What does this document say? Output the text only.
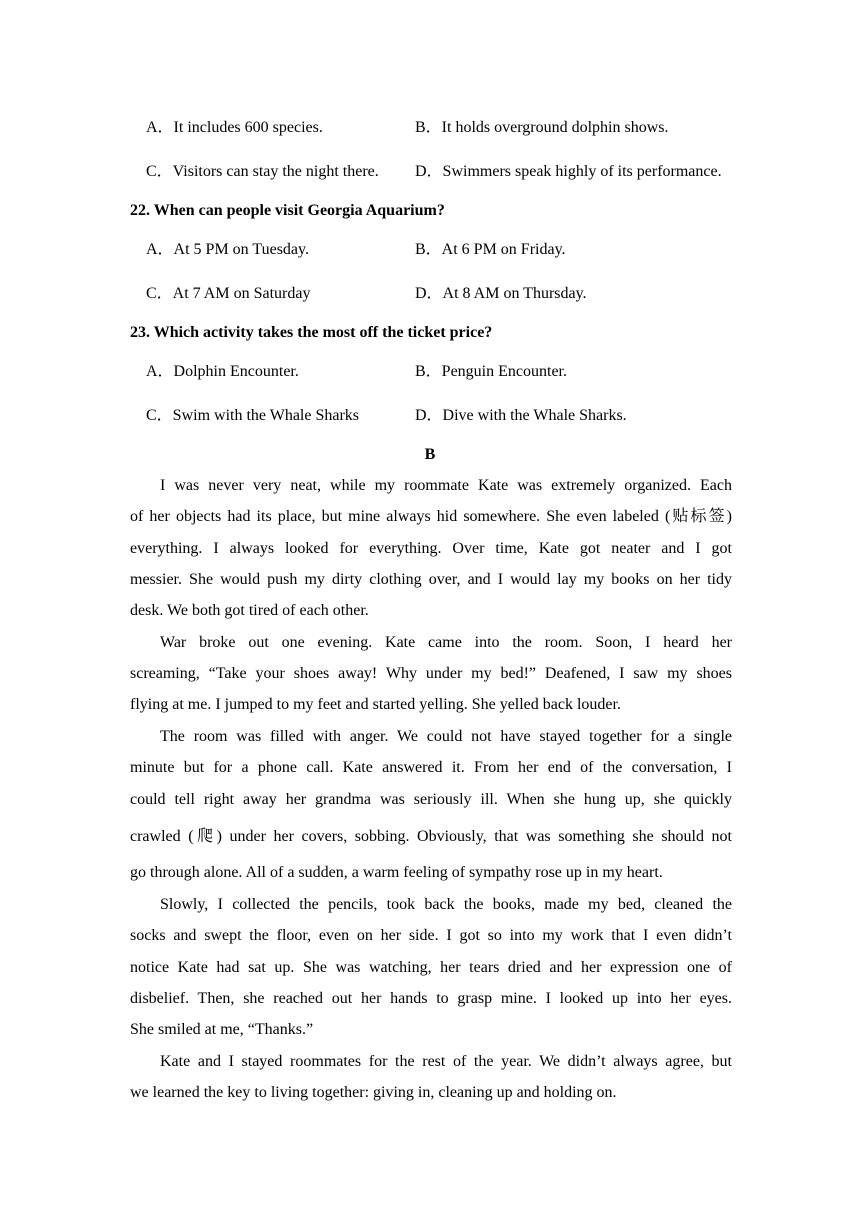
A．It includes 600 species.	B．It holds overground dolphin shows.
C．Visitors can stay the night there. D．Swimmers speak highly of its performance.
22. When can people visit Georgia Aquarium?
A．At 5 PM on Tuesday.	B．At 6 PM on Friday.
C．At 7 AM on Saturday	D．At 8 AM on Thursday.
23. Which activity takes the most off the ticket price?
A．Dolphin Encounter.	B．Penguin Encounter.
C．Swim with the Whale Sharks	D．Dive with the Whale Sharks.
B
I was never very neat, while my roommate Kate was extremely organized. Each
of her objects had its place, but mine always hid somewhere. She even labeled (贴标签)
everything. I always looked for everything. Over time, Kate got neater and I got
messier. She would push my dirty clothing over, and I would lay my books on her tidy
desk. We both got tired of each other.
War broke out one evening. Kate came into the room. Soon, I heard her
screaming, “Take your shoes away! Why under my bed!” Deafened, I saw my shoes
flying at me. I jumped to my feet and started yelling. She yelled back louder.
The room was filled with anger. We could not have stayed together for a single
minute but for a phone call. Kate answered it. From her end of the conversation, I
could tell right away her grandma was seriously ill. When she hung up, she quickly
crawled (爬) under her covers, sobbing. Obviously, that was something she should not
go through alone. All of a sudden, a warm feeling of sympathy rose up in my heart.
Slowly, I collected the pencils, took back the books, made my bed, cleaned the
socks and swept the floor, even on her side. I got so into my work that I even didn’t
notice Kate had sat up. She was watching, her tears dried and her expression one of
disbelief. Then, she reached out her hands to grasp mine. I looked up into her eyes.
She smiled at me, “Thanks.”
Kate and I stayed roommates for the rest of the year. We didn’t always agree, but
we learned the key to living together: giving in, cleaning up and holding on.
